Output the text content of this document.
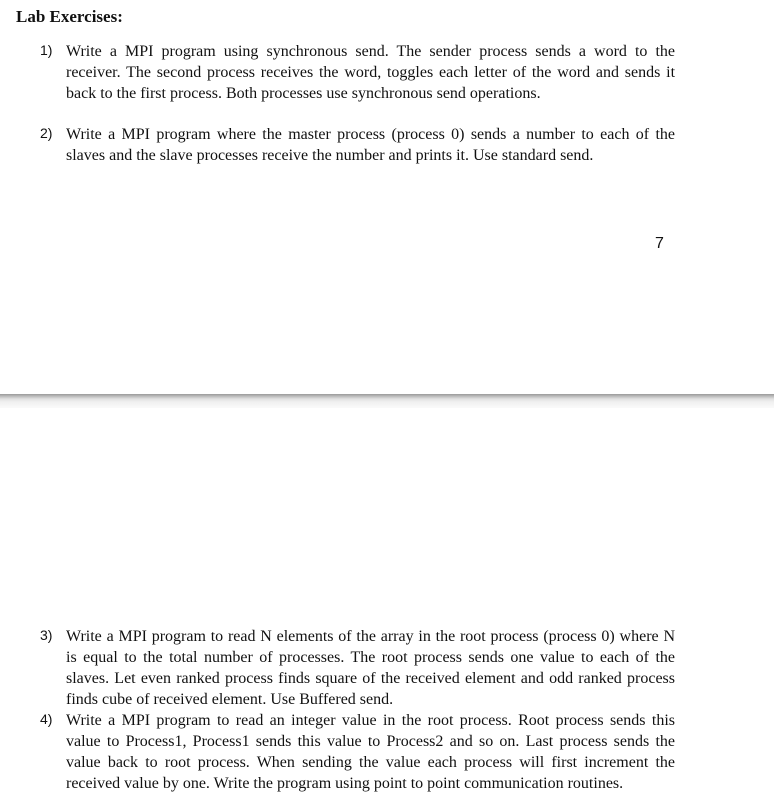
Lab Exercises:
1) Write a MPI program using synchronous send. The sender process sends a word to the receiver. The second process receives the word, toggles each letter of the word and sends it back to the first process. Both processes use synchronous send operations.

2) Write a MPI program where the master process (process 0) sends a number to each of the slaves and the slave processes receive the number and prints it. Use standard send.

7
3) Write a MPI program to read N elements of the array in the root process (process 0) where N is equal to the total number of processes. The root process sends one value to each of the slaves. Let even ranked process finds square of the received element and odd ranked process finds cube of received element. Use Buffered send.

4) Write a MPI program to read an integer value in the root process. Root process sends this value to Process1, Process1 sends this value to Process2 and so on. Last process sends the value back to root process. When sending the value each process will first increment the received value by one. Write the program using point to point communication routines.
